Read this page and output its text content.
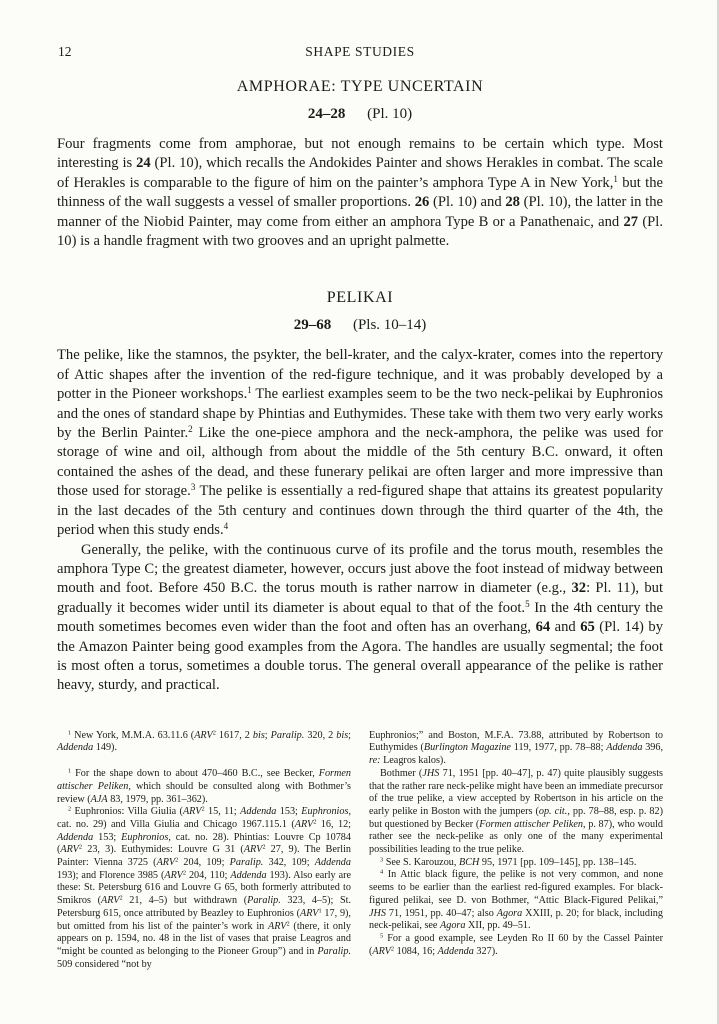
12	SHAPE STUDIES
AMPHORAE: TYPE UNCERTAIN
24–28 (Pl. 10)

Four fragments come from amphorae, but not enough remains to be certain which type. Most interesting is 24 (Pl. 10), which recalls the Andokides Painter and shows Herakles in combat. The scale of Herakles is comparable to the figure of him on the painter’s amphora Type A in New York,$^1$ but the thinness of the wall suggests a vessel of smaller proportions. 26 (Pl. 10) and 28 (Pl. 10), the latter in the manner of the Niobid Painter, may come from either an amphora Type B or a Panathenaic, and 27 (Pl. 10) is a handle fragment with two grooves and an upright palmette.

PELIKAI
29–68 (Pls. 10–14)

The pelike, like the stamnos, the psykter, the bell-krater, and the calyx-krater, comes into the repertory of Attic shapes after the invention of the red-figure technique, and it was probably developed by a potter in the Pioneer workshops.$^1$ The earliest examples seem to be the two neck-pelikai by Euphronios and the ones of standard shape by Phintias and Euthymides. These take with them two very early works by the Berlin Painter.$^2$ Like the one-piece amphora and the neck-amphora, the pelike was used for storage of wine and oil, although from about the middle of the 5th century B.C. onward, it often contained the ashes of the dead, and these funerary pelikai are often larger and more impressive than those used for storage.$^3$ The pelike is essentially a red-figured shape that attains its greatest popularity in the last decades of the 5th century and continues down through the third quarter of the 4th, the period when this study ends.$^4$

Generally, the pelike, with the continuous curve of its profile and the torus mouth, resembles the amphora Type C; the greatest diameter, however, occurs just above the foot instead of midway between mouth and foot. Before 450 B.C. the torus mouth is rather narrow in diameter (e.g., 32: Pl. 11), but gradually it becomes wider until its diameter is about equal to that of the foot.$^5$ In the 4th century the mouth sometimes becomes even wider than the foot and often has an overhang, 64 and 65 (Pl. 14) by the Amazon Painter being good examples from the Agora. The handles are usually segmental; the foot is most often a torus, sometimes a double torus. The general overall appearance of the pelike is rather heavy, sturdy, and practical.

$^1$ New York, M.M.A. 63.11.6 (ARV$^2$ 1617, 2 bis; Paralip. 320, 2 bis; Addenda 149).

$^1$ For the shape down to about 470–460 B.C., see Becker, Formen attischer Peliken, which should be consulted along with Bothmer’s review (AJA 83, 1979, pp. 361–362).

$^2$ Euphronios: Villa Giulia (ARV$^2$ 15, 11; Addenda 153; Euphronios, cat. no. 29) and Villa Giulia and Chicago 1967.115.1 (ARV$^2$ 16, 12; Addenda 153; Euphronios, cat. no. 28). Phintias: Louvre Cp 10784 (ARV$^2$ 23, 3). Euthymides: Louvre G 31 (ARV$^2$ 27, 9). The Berlin Painter: Vienna 3725 (ARV$^2$ 204, 109; Paralip. 342, 109; Addenda 193); and Florence 3985 (ARV$^2$ 204, 110; Addenda 193). Also early are these: St. Petersburg 616 and Louvre G 65, both formerly attributed to Smikros (ARV$^2$ 21, 4–5) but withdrawn (Paralip. 323, 4–5); St. Petersburg 615, once attributed by Beazley to Euphronios (ARV$^1$ 17, 9), but omitted from his list of the painter’s work in ARV$^2$ (there, it only appears on p. 1594, no. 48 in the list of vases that praise Leagros and “might be counted as belonging to the Pioneer Group”) and in Paralip. 509 considered “not by

Euphronios;” and Boston, M.F.A. 73.88, attributed by Robertson to Euthymides (Burlington Magazine 119, 1977, pp. 78–88; Addenda 396, re: Leagros kalos).

Bothmer (JHS 71, 1951 [pp. 40–47], p. 47) quite plausibly suggests that the rather rare neck-pelike might have been an immediate precursor of the true pelike, a view accepted by Robertson in his article on the early pelike in Boston with the jumpers (op. cit., pp. 78–88, esp. p. 82) but questioned by Becker (Formen attischer Peliken, p. 87), who would rather see the neck-pelike as only one of the many experimental possibilities leading to the true pelike.

$^3$ See S. Karouzou, BCH 95, 1971 [pp. 109–145], pp. 138–145.

$^4$ In Attic black figure, the pelike is not very common, and none seems to be earlier than the earliest red-figured examples. For black-figured pelikai, see D. von Bothmer, “Attic Black-Figured Pelikai,” JHS 71, 1951, pp. 40–47; also Agora XXIII, p. 20; for black, including neck-pelikai, see Agora XII, pp. 49–51.

$^5$ For a good example, see Leyden Ro II 60 by the Cassel Painter (ARV$^2$ 1084, 16; Addenda 327).
